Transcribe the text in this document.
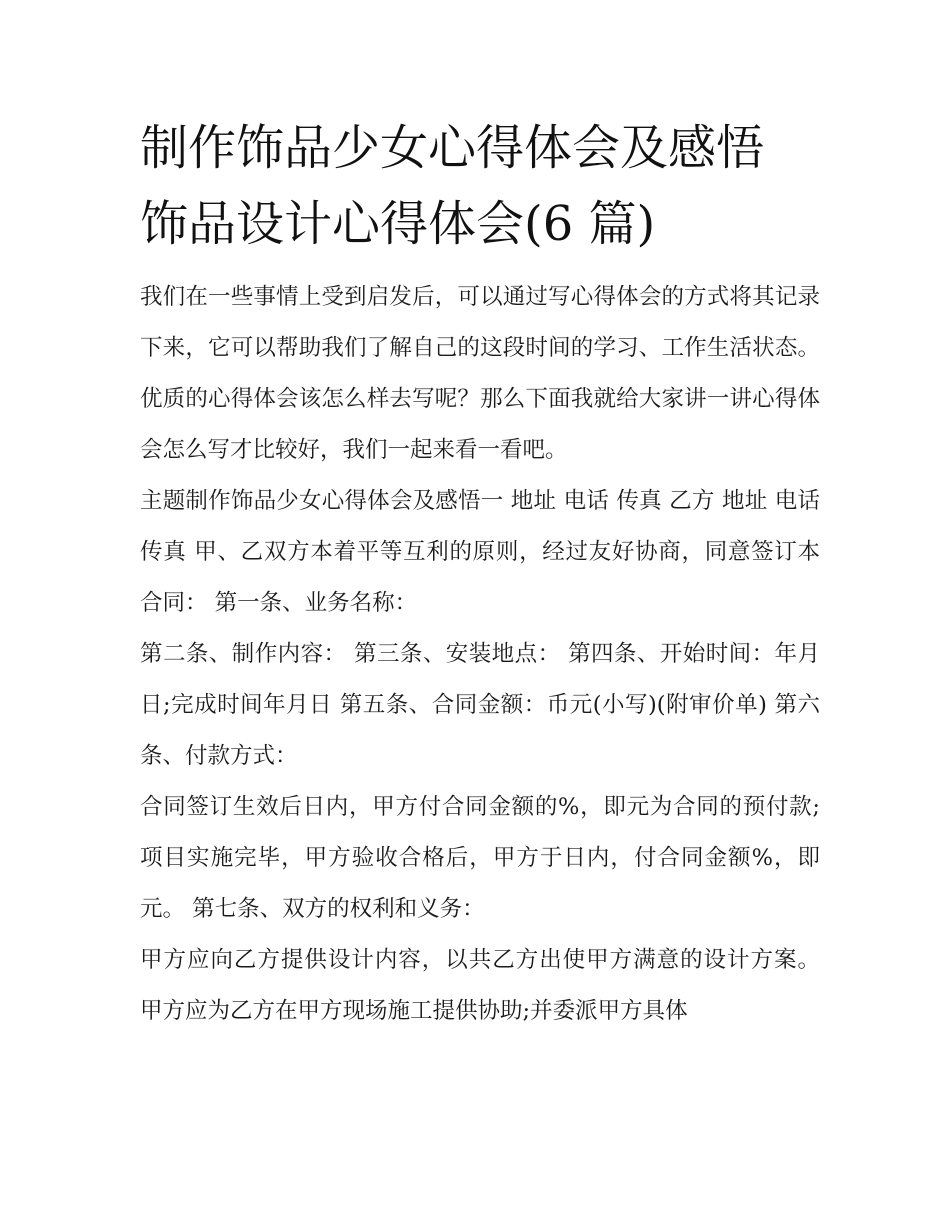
制作饰品少女心得体会及感悟
饰品设计心得体会(6 篇)

我们在一些事情上受到启发后，可以通过写心得体会的方式将其记录下来，它可以帮助我们了解自己的这段时间的学习、工作生活状态。优质的心得体会该怎么样去写呢？那么下面我就给大家讲一讲心得体会怎么写才比较好，我们一起来看一看吧。

主题制作饰品少女心得体会及感悟一 地址 电话 传真 乙方 地址 电话 传真 甲、乙双方本着平等互利的原则，经过友好协商，同意签订本合同： 第一条、业务名称：

第二条、制作内容： 第三条、安装地点： 第四条、开始时间：年月日;完成时间年月日 第五条、合同金额：币元(小写)(附审价单) 第六条、付款方式：

合同签订生效后日内，甲方付合同金额的%，即元为合同的预付款; 项目实施完毕，甲方验收合格后，甲方于日内，付合同金额%，即元。 第七条、双方的权利和义务：

甲方应向乙方提供设计内容，以共乙方出使甲方满意的设计方案。 甲方应为乙方在甲方现场施工提供协助;并委派甲方具体
